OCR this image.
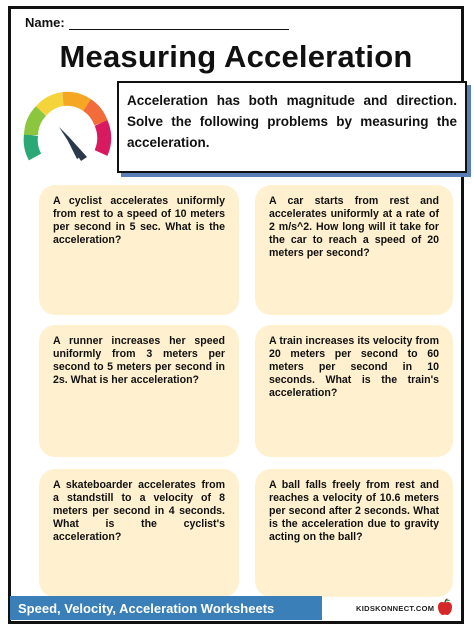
Name:
Measuring Acceleration
Acceleration has both magnitude and direction. Solve the following problems by measuring the acceleration.
A cyclist accelerates uniformly from rest to a speed of 10 meters per second in 5 sec. What is the acceleration?
A car starts from rest and accelerates uniformly at a rate of 2 m/s^2. How long will it take for the car to reach a speed of 20 meters per second?
A runner increases her speed uniformly from 3 meters per second to 5 meters per second in 2s. What is her acceleration?
A train increases its velocity from 20 meters per second to 60 meters per second in 10 seconds. What is the train's acceleration?
A skateboarder accelerates from a standstill to a velocity of 8 meters per second in 4 seconds. What is the cyclist's acceleration?
A ball falls freely from rest and reaches a velocity of 10.6 meters per second after 2 seconds. What is the acceleration due to gravity acting on the ball?
Speed, Velocity, Acceleration Worksheets	KIDSKONNECT.COM
